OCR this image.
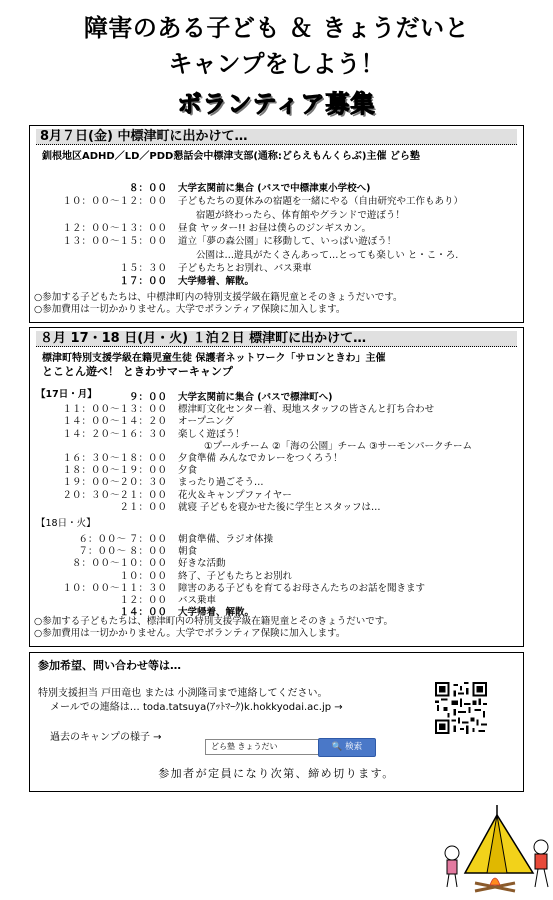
障害のある子ども ＆ きょうだいと
キャンプをしよう！
ボランティア募集
8月７日(金) 中標津町に出かけて…
釧根地区ADHD／LD／PDD懇話会中標津支部(通称:どらえもんくらぶ)主催 どら塾
８：００ 大学玄関前に集合 (バスで中標津東小学校へ)
１０：００～１２：００ 子どもたちの夏休みの宿題を一緒にやる（自由研究や工作もあり）
宿題が終わったら、体育館やグランドで遊ぼう！
１２：００～１３：００ 昼食 ヤッター!! お昼は僕らのジンギスカン。
１３：００～１５：００ 道立「夢の森公園」に移動して、いっぱい遊ぼう！
公園は…遊具がたくさんあって…とっても楽しい と・こ・ろ.
１５：３０ 子どもたちとお別れ、バス乗車
１７：００ 大学帰着、解散。
○参加する子どもたちは、中標津町内の特別支援学級在籍児童とそのきょうだいです。
○参加費用は一切かかりません。大学でボランティア保険に加入します。
８月 17・18 日(月・火) １泊２日 標津町に出かけて…
標津町特別支援学級在籍児童生徒 保護者ネットワーク「サロンときわ」主催
とことん遊べ！ ときわサマーキャンプ
【17日・月】	９：００ 大学玄関前に集合 (バスで標津町へ)
１１：００～１３：００ 標津町文化センター着、現地スタッフの皆さんと打ち合わせ
１４：００～１４：２０ オープニング
１４：２０～１６：３０ 楽しく遊ぼう！
①プールチーム ②「海の公園」チーム ③サーモンパークチーム
１６：３０～１８：００ 夕食準備 みんなでカレーをつくろう！
１８：００～１９：００ 夕食
１９：００～２０：３０ まったり過ごそう…
２０：３０～２１：００ 花火＆キャンプファイヤー
２１：００ 就寝 子どもを寝かせた後に学生とスタッフは…
【18日・火】
６：００～ ７：００ 朝食準備、ラジオ体操
７：００～ ８：００ 朝食
８：００～１０：００ 好きな活動
１０：００ 終了、子どもたちとお別れ
１０：００～１１：３０ 障害のある子どもを育てるお母さんたちのお話を聞きます
１２：００ バス乗車
１４：００ 大学帰着、解散。
○参加する子どもたちは、標津町内の特別支援学級在籍児童とそのきょうだいです。
○参加費用は一切かかりません。大学でボランティア保険に加入します。
参加希望、問い合わせ等は…
特別支援担当 戸田竜也 または 小渕隆司まで連絡してください。
メールでの連絡は… toda.tatsuya(ｱｯﾄﾏｰｸ)k.hokkyodai.ac.jp →
過去のキャンプの様子 →
どら塾 きょうだい	🔍 検索
参加者が定員になり次第、締め切ります。
